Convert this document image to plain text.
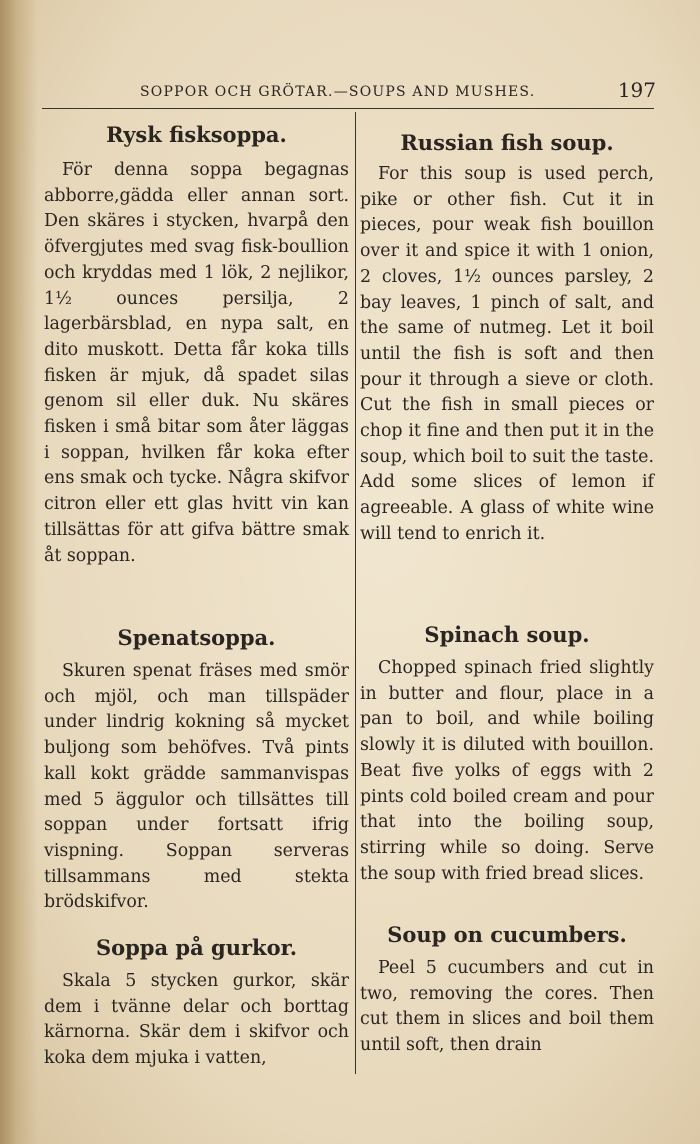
SOPPOR OCH GRÖTAR.—SOUPS AND MUSHES.	197
Rysk fisksoppa.

För denna soppa begagnas abborre,gädda eller annan sort. Den skäres i stycken, hvarpå den öfvergjutes med svag fisk-boullion och kryddas med 1 lök, 2 nejlikor, 1½ ounces persilja, 2 lagerbärsblad, en nypa salt, en dito muskott. Detta får koka tills fisken är mjuk, då spadet silas genom sil eller duk. Nu skäres fisken i små bitar som åter läggas i soppan, hvilken får koka efter ens smak och tycke. Några skifvor citron eller ett glas hvitt vin kan tillsättas för att gifva bättre smak åt soppan.

Spenatsoppa.

Skuren spenat fräses med smör och mjöl, och man tillspäder under lindrig kokning så mycket buljong som behöfves. Två pints kall kokt grädde sammanvispas med 5 äggulor och tillsättes till soppan under fortsatt ifrig vispning. Soppan serveras tillsammans med stekta brödskifvor.

Soppa på gurkor.

Skala 5 stycken gurkor, skär dem i tvänne delar och borttag kärnorna. Skär dem i skifvor och koka dem mjuka i vatten,

Russian fish soup.

For this soup is used perch, pike or other fish. Cut it in pieces, pour weak fish bouillon over it and spice it with 1 onion, 2 cloves, 1½ ounces parsley, 2 bay leaves, 1 pinch of salt, and the same of nutmeg. Let it boil until the fish is soft and then pour it through a sieve or cloth. Cut the fish in small pieces or chop it fine and then put it in the soup, which boil to suit the taste. Add some slices of lemon if agreeable. A glass of white wine will tend to enrich it.

Spinach soup.

Chopped spinach fried slightly in butter and flour, place in a pan to boil, and while boiling slowly it is diluted with bouillon. Beat five yolks of eggs with 2 pints cold boiled cream and pour that into the boiling soup, stirring while so doing. Serve the soup with fried bread slices.

Soup on cucumbers.

Peel 5 cucumbers and cut in two, removing the cores. Then cut them in slices and boil them until soft, then drain
